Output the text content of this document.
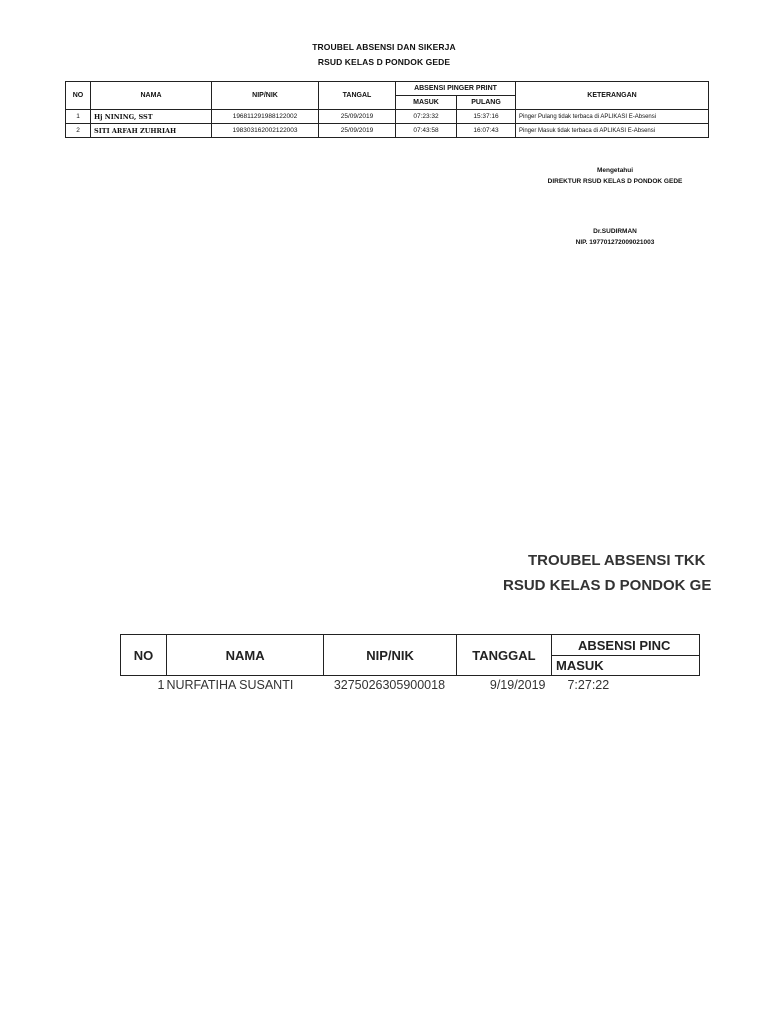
TROUBEL ABSENSI DAN SIKERJA
RSUD KELAS D PONDOK GEDE
NO	NAMA	NIP/NIK	TANGAL	ABSENSI PINGER PRINT		KETERANGAN
				MASUK	PULANG	
1	Hj NINING, SST	196811291988122002	25/09/2019	07:23:32	15:37:16	Pinger Pulang tidak terbaca di APLIKASI E-Absensi
2	SITI ARFAH ZUHRIAH	198303162002122003	25/09/2019	07:43:58	16:07:43	Pinger Masuk tidak terbaca di APLIKASI E-Absensi
Mengetahui
DIREKTUR RSUD KELAS D PONDOK GEDE
Dr.SUDIRMAN
NIP. 197701272009021003
TROUBEL ABSENSI TKK
RSUD KELAS D PONDOK GE
NO	NAMA	NIP/NIK	TANGGAL	ABSENSI PINC
				MASUK
1	NURFATIHA SUSANTI	3275026305900018	9/19/2019	7:27:22
